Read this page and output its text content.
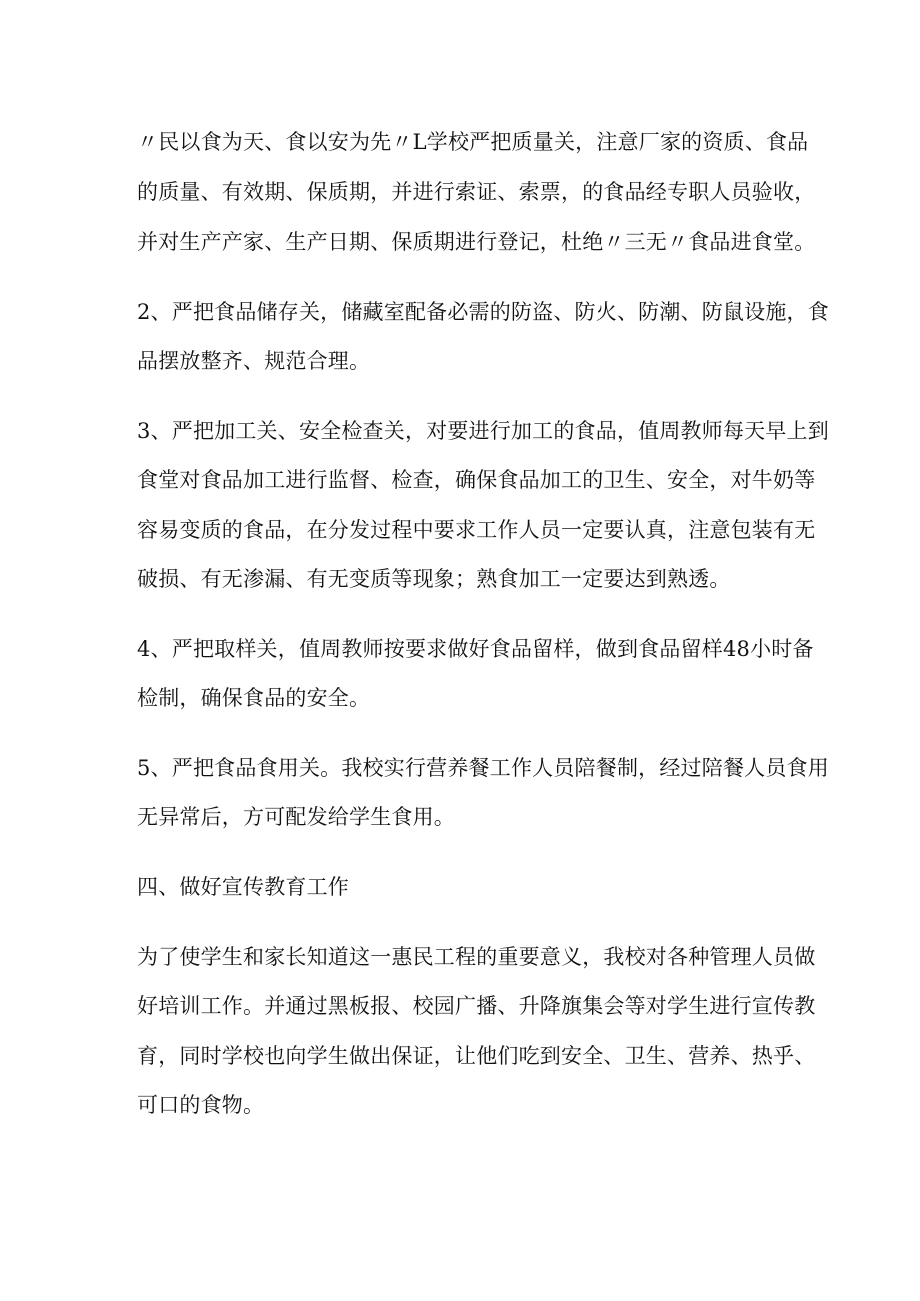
〃民以食为天、食以安为先〃L学校严把质量关，注意厂家的资质、食品

的质量、有效期、保质期，并进行索证、索票，的食品经专职人员验收，

并对生产产家、生产日期、保质期进行登记，杜绝〃三无〃食品进食堂。

2、严把食品储存关，储藏室配备必需的防盗、防火、防潮、防鼠设施，食

品摆放整齐、规范合理。

3、严把加工关、安全检查关，对要进行加工的食品，值周教师每天早上到

食堂对食品加工进行监督、检查，确保食品加工的卫生、安全，对牛奶等

容易变质的食品，在分发过程中要求工作人员一定要认真，注意包装有无

破损、有无渗漏、有无变质等现象；熟食加工一定要达到熟透。

4、严把取样关，值周教师按要求做好食品留样，做到食品留样48小时备

检制，确保食品的安全。

5、严把食品食用关。我校实行营养餐工作人员陪餐制，经过陪餐人员食用

无异常后，方可配发给学生食用。

四、做好宣传教育工作

为了使学生和家长知道这一惠民工程的重要意义，我校对各种管理人员做

好培训工作。并通过黑板报、校园广播、升降旗集会等对学生进行宣传教

育，同时学校也向学生做出保证，让他们吃到安全、卫生、营养、热乎、

可口的食物。
